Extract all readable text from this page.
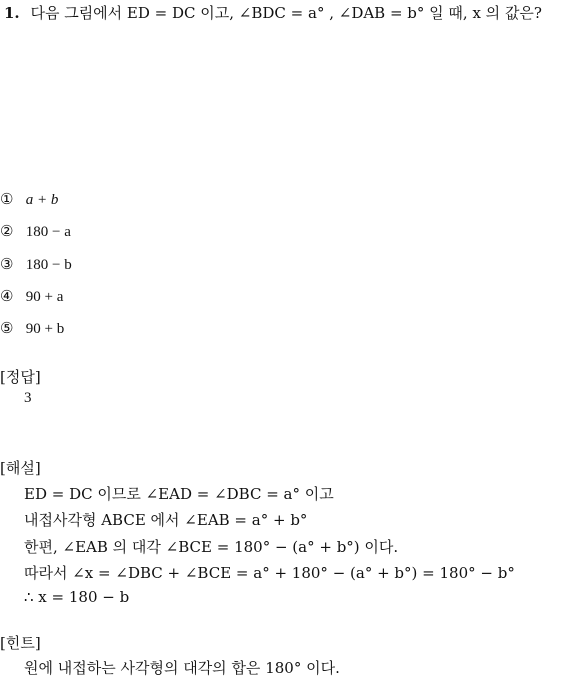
1. 다음 그림에서 ED = DC 이고, ∠BDC = a° , ∠DAB = b° 일 때, x 의 값은?
① a + b
② 180 − a
③ 180 − b
④ 90 + a
⑤ 90 + b
[정답]
3
[해설]
ED = DC 이므로 ∠EAD = ∠DBC = a° 이고
내접사각형 ABCE 에서 ∠EAB = a° + b°
한편, ∠EAB 의 대각 ∠BCE = 180° − (a° + b°) 이다.
따라서 ∠x = ∠DBC + ∠BCE = a° + 180° − (a° + b°) = 180° − b°
∴ x = 180 − b
[힌트]
원에 내접하는 사각형의 대각의 합은 180° 이다.
